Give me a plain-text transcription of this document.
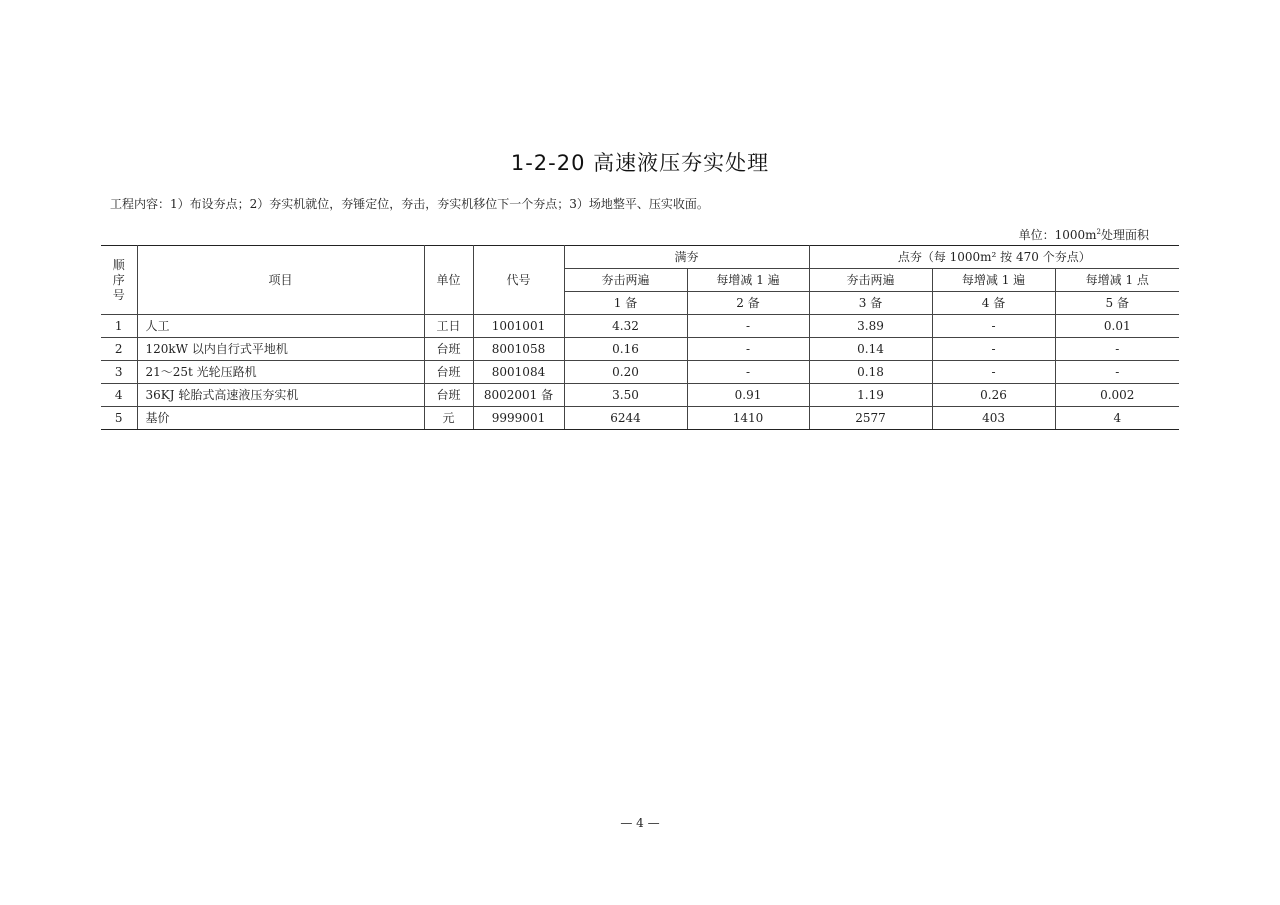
1-2-20 高速液压夯实处理
工程内容：1）布设夯点；2）夯实机就位，夯锤定位，夯击，夯实机移位下一个夯点；3）场地整平、压实收面。
单位：$1000m^2$处理面积
顺
序
号	项目	单位	代号	满夯		点夯（每 1000m² 按 470 个夯点）		
				夯击两遍	每增减 1 遍	夯击两遍	每增减 1 遍	每增减 1 点
				1 备	2 备	3 备	4 备	5 备
1	人工	工日	1001001	4.32	-	3.89	-	0.01
2	120kW 以内自行式平地机	台班	8001058	0.16	-	0.14	-	-
3	21～25t 光轮压路机	台班	8001084	0.20	-	0.18	-	-
4	36KJ 轮胎式高速液压夯实机	台班	8002001 备	3.50	0.91	1.19	0.26	0.002
5	基价	元	9999001	6244	1410	2577	403	4
— 4 —
